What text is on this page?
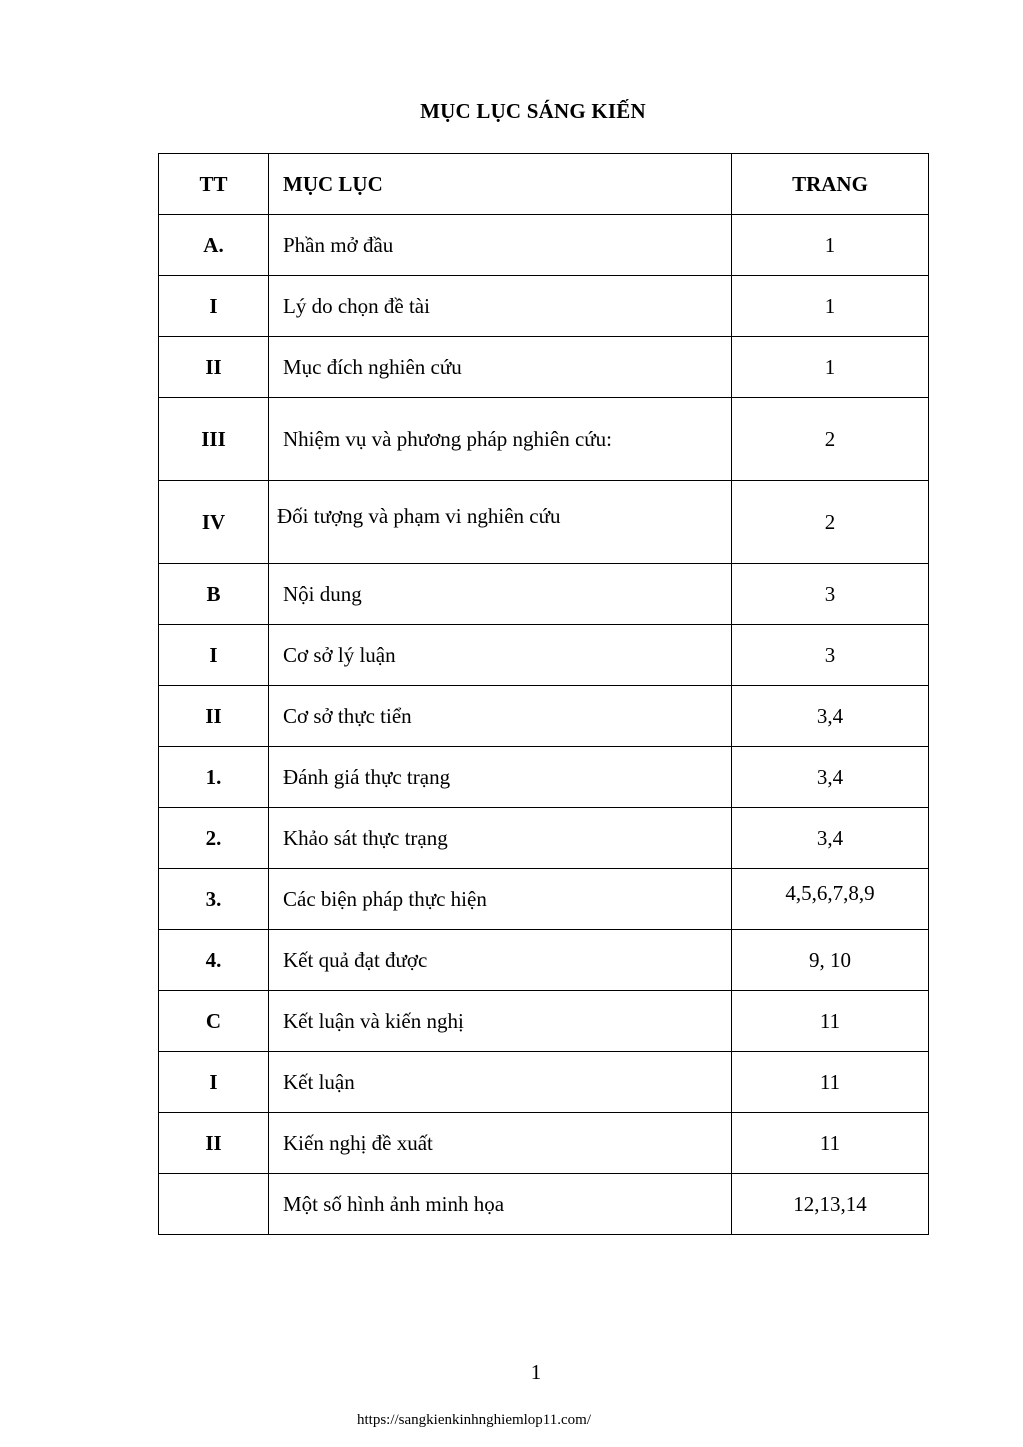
MỤC LỤC SÁNG KIẾN
TT	MỤC LỤC	TRANG
A.	Phần mở đầu	1
I	Lý do chọn đề tài	1
II	Mục đích nghiên cứu	1
III	Nhiệm vụ và phương pháp nghiên cứu:	2
IV	Đối tượng và phạm vi nghiên cứu	2
B	Nội dung	3
I	Cơ sở lý luận	3
II	Cơ sở thực tiển	3,4
1.	Đánh giá thực trạng	3,4
2.	Khảo sát thực trạng	3,4
3.	Các biện pháp thực hiện	4,5,6,7,8,9
4.	Kết quả đạt được	9, 10
C	Kết luận và kiến nghị	11
I	Kết luận	11
II	Kiến nghị đề xuất	11
	Một số hình ảnh minh họa	12,13,14
1
https://sangkienkinhnghiemlop11.com/
